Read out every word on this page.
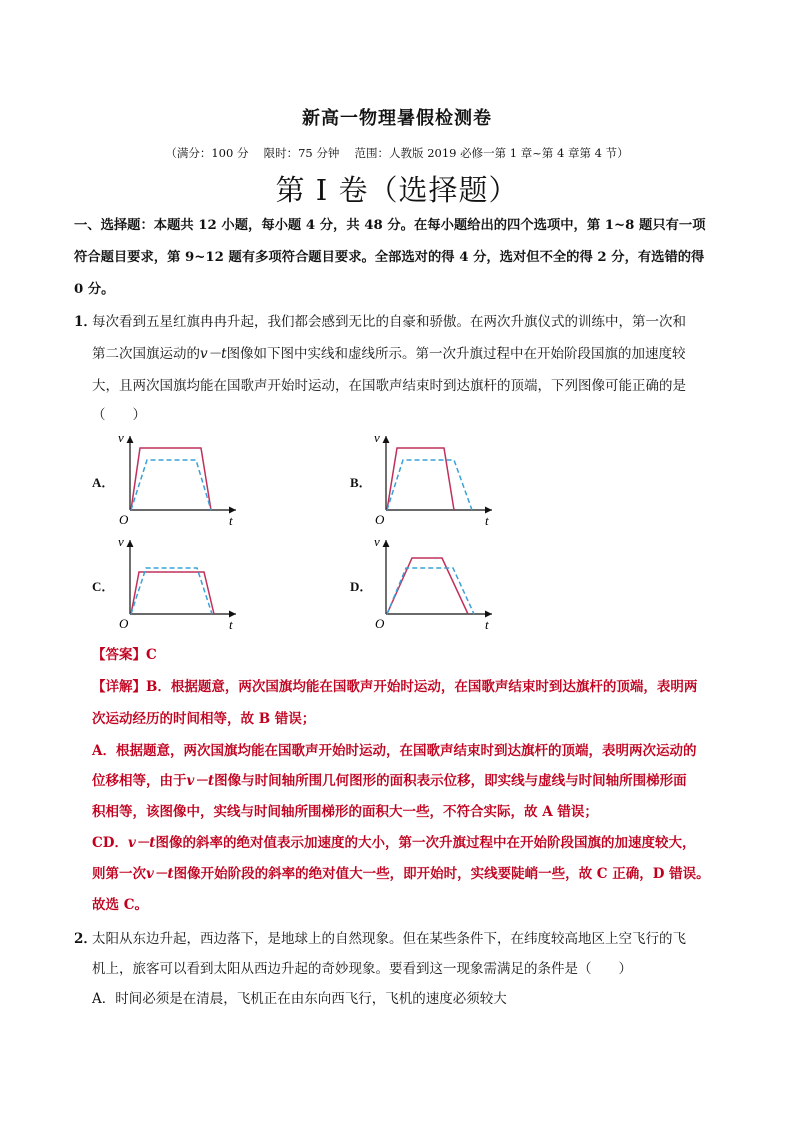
新高一物理暑假检测卷
（满分：100 分　 限时：75 分钟　 范围：人教版 2019 必修一第 1 章~第 4 章第 4 节）
第 I 卷（选择题）
一、选择题：本题共 12 小题，每小题 4 分，共 48 分。在每小题给出的四个选项中，第 1~8 题只有一项
符合题目要求，第 9~12 题有多项符合题目要求。全部选对的得 4 分，选对但不全的得 2 分，有选错的得
0 分。
1．
每次看到五星红旗冉冉升起，我们都会感到无比的自豪和骄傲。在两次升旗仪式的训练中，第一次和
第二次国旗运动的v－t图像如下图中实线和虚线所示。第一次升旗过程中在开始阶段国旗的加速度较
大，且两次国旗均能在国歌声开始时运动，在国歌声结束时到达旗杆的顶端，下列图像可能正确的是
（　　）
A．
v
t
O
B．
v
t
O
C．
v
t
O
D．
v
t
O
【答案】C
【详解】B．根据题意，两次国旗均能在国歌声开始时运动，在国歌声结束时到达旗杆的顶端，表明两
次运动经历的时间相等，故 B 错误；
A．根据题意，两次国旗均能在国歌声开始时运动，在国歌声结束时到达旗杆的顶端，表明两次运动的
位移相等，由于v－t图像与时间轴所围几何图形的面积表示位移，即实线与虚线与时间轴所围梯形面
积相等，该图像中，实线与时间轴所围梯形的面积大一些，不符合实际，故 A 错误；
CD．v－t图像的斜率的绝对值表示加速度的大小，第一次升旗过程中在开始阶段国旗的加速度较大，
则第一次v－t图像开始阶段的斜率的绝对值大一些，即开始时，实线要陡峭一些，故 C 正确，D 错误。
故选 C。
2．
太阳从东边升起，西边落下，是地球上的自然现象。但在某些条件下，在纬度较高地区上空飞行的飞
机上，旅客可以看到太阳从西边升起的奇妙现象。要看到这一现象需满足的条件是（　　）
A．时间必须是在清晨，飞机正在由东向西飞行，飞机的速度必须较大
